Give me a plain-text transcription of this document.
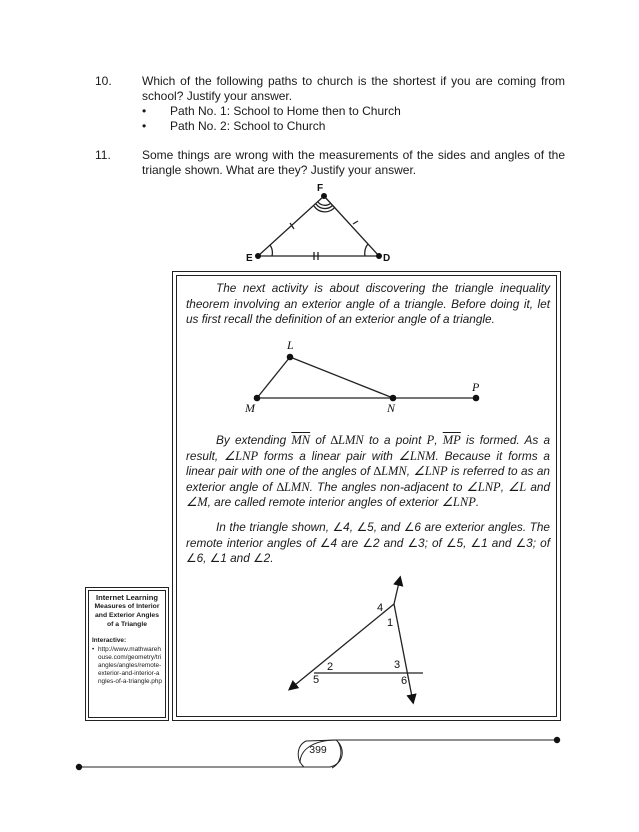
10.	Which of the following paths to church is the shortest if you are coming from school? Justify your answer.
•	Path No. 1: School to Home then to Church
•	Path No. 2: School to Church
11.	Some things are wrong with the measurements of the sides and angles of the triangle shown. What are they? Justify your answer.
F
E	D
The next activity is about discovering the triangle inequality theorem involving an exterior angle of a triangle. Before doing it, let us first recall the definition of an exterior angle of a triangle.
L
M	N
P
By extending $\overline{MN}$ of ∆LMN to a point P, $\overline{MP}$ is formed. As a result, ∠LNP forms a linear pair with ∠LNM. Because it forms a linear pair with one of the angles of ∆LMN, ∠LNP is referred to as an exterior angle of ∆LMN. The angles non-adjacent to ∠LNP, ∠L and ∠M, are called remote interior angles of exterior ∠LNP.
In the triangle shown, ∠4, ∠5, and ∠6 are exterior angles. The remote interior angles of ∠4 are ∠2 and ∠3; of ∠5, ∠1 and ∠3; of ∠6, ∠1 and ∠2.
4
1
2	3
5	6
Internet Learning
Measures of Interior and Exterior Angles of a Triangle
Interactive:
• http://www.mathwarehouse.com/geometry/triangles/angles/remote-exterior-and-interior-angles-of-a-triangle.php
399
